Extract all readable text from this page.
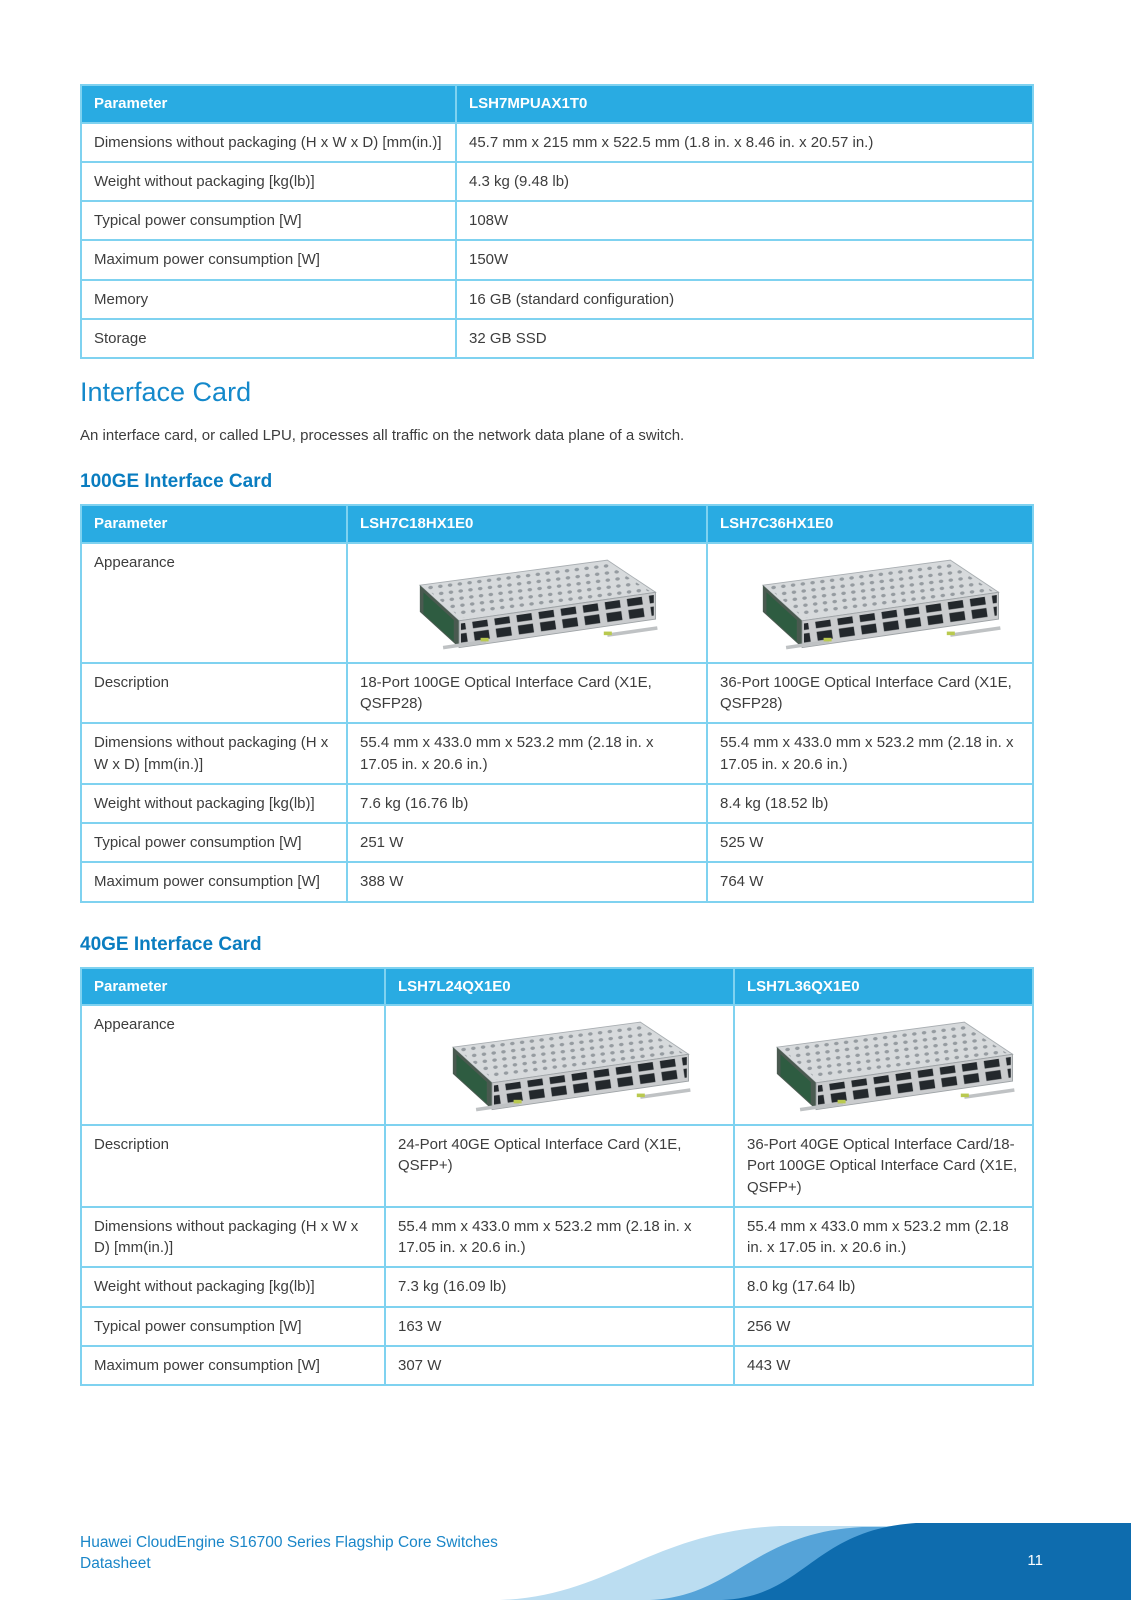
Parameter	LSH7MPUAX1T0
Dimensions without packaging (H x W x D) [mm(in.)]	45.7 mm x 215 mm x 522.5 mm (1.8 in. x 8.46 in. x 20.57 in.)
Weight without packaging [kg(lb)]	4.3 kg (9.48 lb)
Typical power consumption [W]	108W
Maximum power consumption [W]	150W
Memory	16 GB (standard configuration)
Storage	32 GB SSD
Interface Card

An interface card, or called LPU, processes all traffic on the network data plane of a switch.

100GE Interface Card
Parameter	LSH7C18HX1E0	LSH7C36HX1E0
Appearance	

Description	18-Port 100GE Optical Interface Card (X1E, QSFP28)	36-Port 100GE Optical Interface Card (X1E, QSFP28)
Dimensions without packaging (H x W x D) [mm(in.)]	55.4 mm x 433.0 mm x 523.2 mm (2.18 in. x 17.05 in. x 20.6 in.)	55.4 mm x 433.0 mm x 523.2 mm (2.18 in. x 17.05 in. x 20.6 in.)
Weight without packaging [kg(lb)]	7.6 kg (16.76 lb)	8.4 kg (18.52 lb)
Typical power consumption [W]	251 W	525 W
Maximum power consumption [W]	388 W	764 W
40GE Interface Card
Parameter	LSH7L24QX1E0	LSH7L36QX1E0
Appearance	

Description	24-Port 40GE Optical Interface Card (X1E, QSFP+)	36-Port 40GE Optical Interface Card/18-Port 100GE Optical Interface Card (X1E, QSFP+)
Dimensions without packaging (H x W x D) [mm(in.)]	55.4 mm x 433.0 mm x 523.2 mm (2.18 in. x 17.05 in. x 20.6 in.)	55.4 mm x 433.0 mm x 523.2 mm (2.18 in. x 17.05 in. x 20.6 in.)
Weight without packaging [kg(lb)]	7.3 kg (16.09 lb)	8.0 kg (17.64 lb)
Typical power consumption [W]	163 W	256 W
Maximum power consumption [W]	307 W	443 W
Huawei CloudEngine S16700 Series Flagship Core Switches
Datasheet	11
